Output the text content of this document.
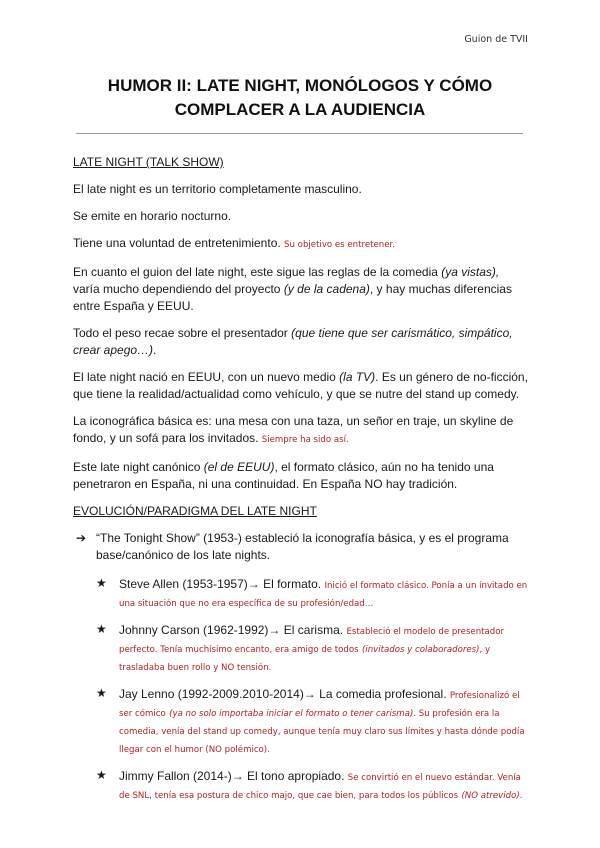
Guion de TVII
HUMOR II: LATE NIGHT, MONÓLOGOS Y CÓMO
COMPLACER A LA AUDIENCIA

LATE NIGHT (TALK SHOW)

El late night es un territorio completamente masculino.

Se emite en horario nocturno.

Tiene una voluntad de entretenimiento. Su objetivo es entretener.

En cuanto el guion del late night, este sigue las reglas de la comedia (ya vistas), varía mucho dependiendo del proyecto (y de la cadena), y hay muchas diferencias entre España y EEUU.

Todo el peso recae sobre el presentador (que tiene que ser carismático, simpático, crear apego…).

El late night nació en EEUU, con un nuevo medio (la TV). Es un género de no-ficción, que tiene la realidad/actualidad como vehículo, y que se nutre del stand up comedy.

La iconográfica básica es: una mesa con una taza, un señor en traje, un skyline de fondo, y un sofá para los invitados. Siempre ha sido así.

Este late night canónico (el de EEUU), el formato clásico, aún no ha tenido una penetraron en España, ni una continuidad. En España NO hay tradición.

EVOLUCIÓN/PARADIGMA DEL LATE NIGHT

➔ “The Tonight Show” (1953-) estableció la iconografía básica, y es el programa base/canónico de los late nights.
★ Steve Allen (1953-1957)→ El formato. Inició el formato clásico. Ponía a un invitado en una situación que no era específica de su profesión/edad…
★ Johnny Carson (1962-1992)→ El carisma. Estableció el modelo de presentador perfecto. Tenía muchísimo encanto, era amigo de todos (invitados y colaboradores), y trasladaba buen rollo y NO tensión.
★ Jay Lenno (1992-2009.2010-2014)→ La comedia profesional. Profesionalizó el ser cómico (ya no solo importaba iniciar el formato o tener carisma). Su profesión era la comedia, venía del stand up comedy, aunque tenía muy claro sus límites y hasta dónde podía llegar con el humor (NO polémico).
★ Jimmy Fallon (2014-)→ El tono apropiado. Se convirtió en el nuevo estándar. Venía de SNL, tenía esa postura de chico majo, que cae bien, para todos los públicos (NO atrevido).
